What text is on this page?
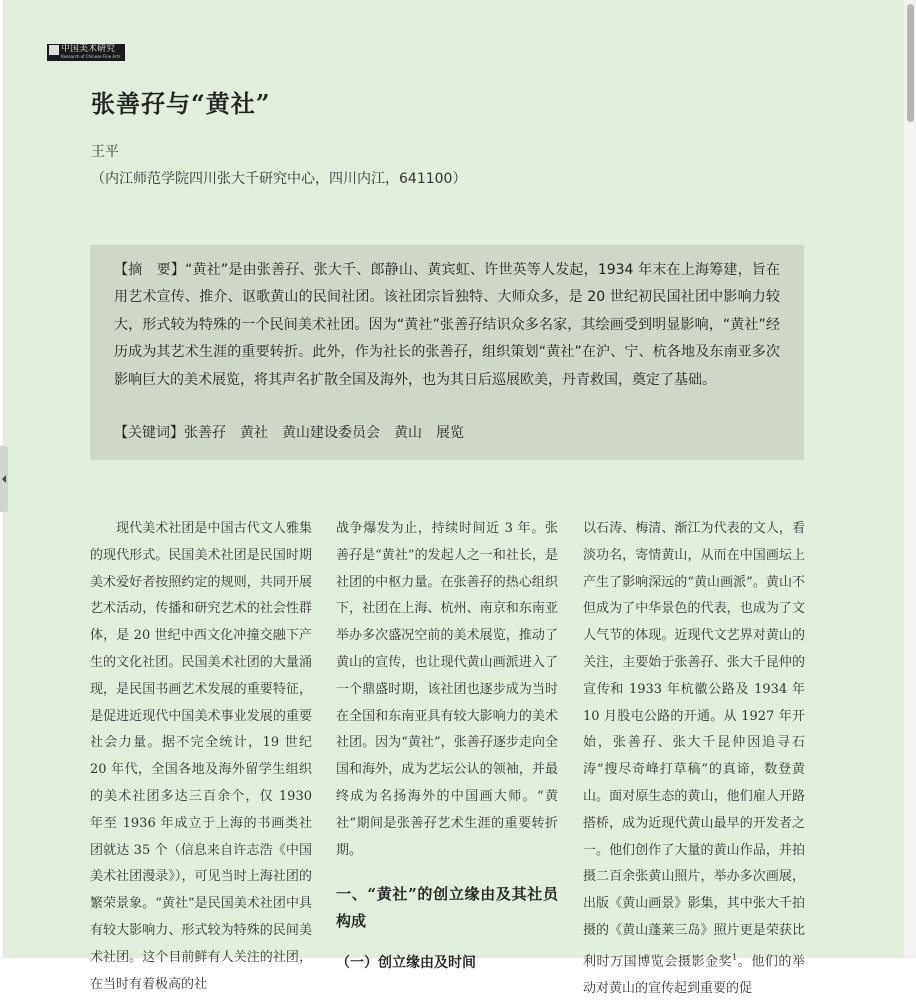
中国美术研究
Research of Chinese Fine Arts
张善孖与“黄社”
王平
（内江师范学院四川张大千研究中心，四川内江，641100）
【摘　要】“黄社”是由张善孖、张大千、郎静山、黄宾虹、许世英等人发起，1934 年末在上海筹建，旨在用艺术宣传、推介、讴歌黄山的民间社团。该社团宗旨独特、大师众多，是 20 世纪初民国社团中影响力较大，形式较为特殊的一个民间美术社团。因为“黄社”张善孖结识众多名家，其绘画受到明显影响，“黄社”经历成为其艺术生涯的重要转折。此外，作为社长的张善孖，组织策划“黄社”在沪、宁、杭各地及东南亚多次影响巨大的美术展览，将其声名扩散全国及海外，也为其日后巡展欧美，丹青救国，奠定了基础。
【关键词】张善孖 黄社 黄山建设委员会 黄山 展览

现代美术社团是中国古代文人雅集的现代形式。民国美术社团是民国时期美术爱好者按照约定的规则，共同开展艺术活动，传播和研究艺术的社会性群体，是 20 世纪中西文化冲撞交融下产生的文化社团。民国美术社团的大量涌现，是民国书画艺术发展的重要特征，是促进近现代中国美术事业发展的重要社会力量。据不完全统计，19 世纪 20 年代，全国各地及海外留学生组织的美术社团多达三百余个，仅 1930 年至 1936 年成立于上海的书画类社团就达 35 个（信息来自许志浩《中国美术社团漫录》），可见当时上海社团的繁荣景象。“黄社”是民国美术社团中具有较大影响力、形式较为特殊的民间美术社团。这个目前鲜有人关注的社团，在当时有着极高的社

战争爆发为止，持续时间近 3 年。张善孖是“黄社”的发起人之一和社长，是社团的中枢力量。在张善孖的热心组织下，社团在上海、杭州、南京和东南亚举办多次盛况空前的美术展览，推动了黄山的宣传，也让现代黄山画派进入了一个鼎盛时期，该社团也逐步成为当时在全国和东南亚具有较大影响力的美术社团。因为“黄社”，张善孖逐步走向全国和海外，成为艺坛公认的领袖，并最终成为名扬海外的中国画大师。“黄社”期间是张善孖艺术生涯的重要转折期。

一、“黄社”的创立缘由及其社员构成
（一）创立缘由及时间

以石涛、梅清、渐江为代表的文人，看淡功名，寄情黄山，从而在中国画坛上产生了影响深远的“黄山画派”。黄山不但成为了中华景色的代表，也成为了文人气节的体现。近现代文艺界对黄山的关注，主要始于张善孖、张大千昆仲的宣传和 1933 年杭徽公路及 1934 年 10 月股屯公路的开通。从 1927 年开始，张善孖、张大千昆仲因追寻石涛“搜尽奇峰打草稿”的真谛，数登黄山。面对原生态的黄山，他们雇人开路搭桥，成为近现代黄山最早的开发者之一。他们创作了大量的黄山作品，并拍摄二百余张黄山照片，举办多次画展，出版《黄山画景》影集，其中张大千拍摄的《黄山蓬莱三岛》照片更是荣获比利时万国博览会摄影金奖$^1$。他们的举动对黄山的宣传起到重要的促
